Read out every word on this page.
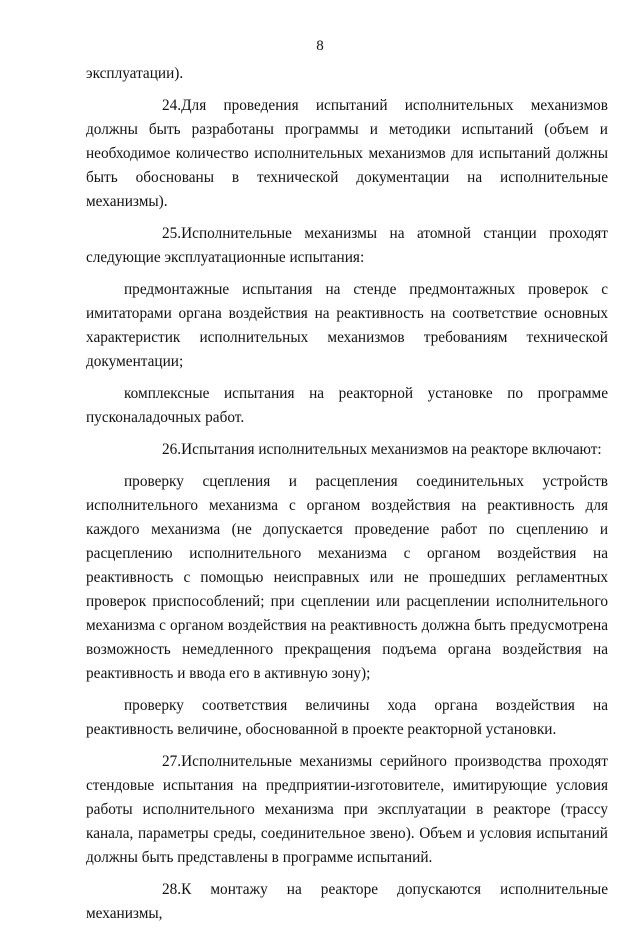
8

эксплуатации).

24.Для проведения испытаний исполнительных механизмов должны быть разработаны программы и методики испытаний (объем и необходимое количество исполнительных механизмов для испытаний должны быть обоснованы в технической документации на исполнительные механизмы).

25.Исполнительные механизмы на атомной станции проходят следующие эксплуатационные испытания:

предмонтажные испытания на стенде предмонтажных проверок с имитаторами органа воздействия на реактивность на соответствие основных характеристик исполнительных механизмов требованиям технической документации;

комплексные испытания на реакторной установке по программе пусконаладочных работ.

26.Испытания исполнительных механизмов на реакторе включают:

проверку сцепления и расцепления соединительных устройств исполнительного механизма с органом воздействия на реактивность для каждого механизма (не допускается проведение работ по сцеплению и расцеплению исполнительного механизма с органом воздействия на реактивность с помощью неисправных или не прошедших регламентных проверок приспособлений; при сцеплении или расцеплении исполнительного механизма с органом воздействия на реактивность должна быть предусмотрена возможность немедленного прекращения подъема органа воздействия на реактивность и ввода его в активную зону);

проверку соответствия величины хода органа воздействия на реактивность величине, обоснованной в проекте реакторной установки.

27.Исполнительные механизмы серийного производства проходят стендовые испытания на предприятии-изготовителе, имитирующие условия работы исполнительного механизма при эксплуатации в реакторе (трассу канала, параметры среды, соединительное звено). Объем и условия испытаний должны быть представлены в программе испытаний.

28.К монтажу на реакторе допускаются исполнительные механизмы,
